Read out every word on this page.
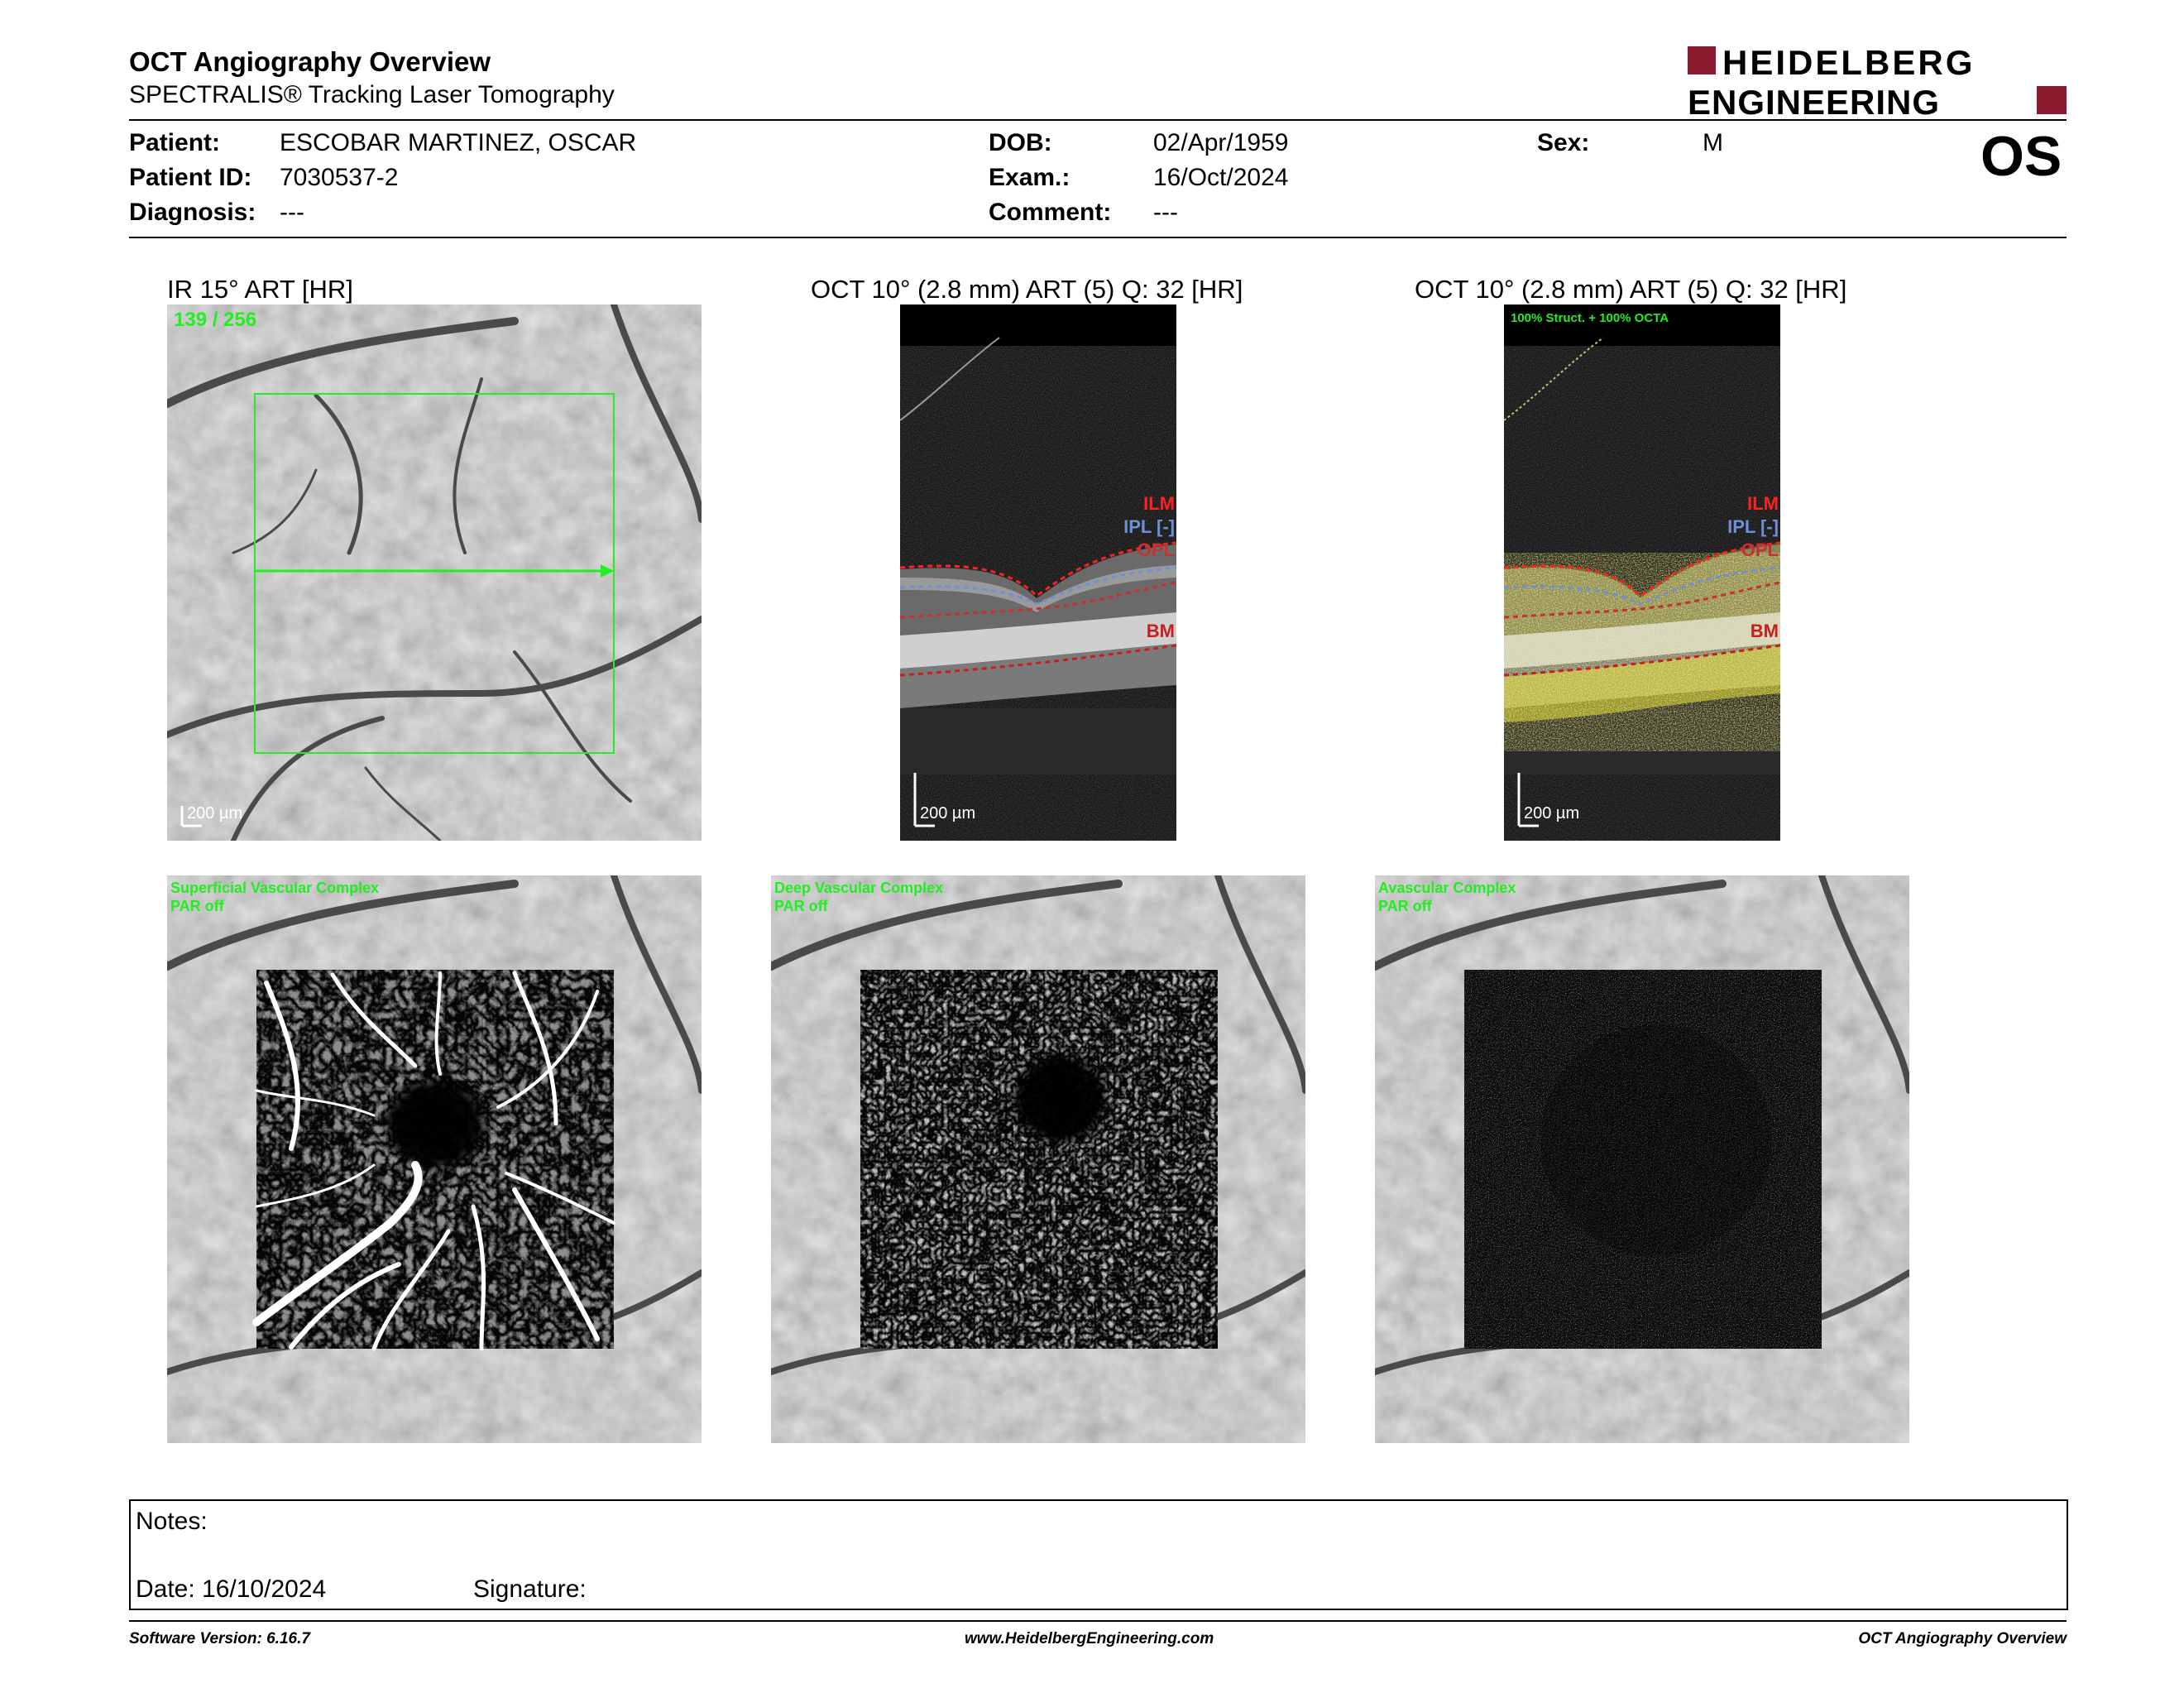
OCT Angiography Overview
SPECTRALIS® Tracking Laser Tomography
HEIDELBERG
ENGINEERING
Patient: ESCOBAR MARTINEZ, OSCAR
Patient ID: 7030537-2
Diagnosis: ---
DOB:	02/Apr/1959
Exam.:	16/Oct/2024
Comment: ---
Sex:	M	OS
IR 15° ART [HR]	OCT 10° (2.8 mm) ART (5) Q: 32 [HR]	OCT 10° (2.8 mm) ART (5) Q: 32 [HR]
139 / 256
200 µm
ILM
IPL [-]
OPL
BM
200 µm
100% Struct. + 100% OCTA
ILM
IPL [-]
OPL
BM
200 µm
Superficial Vascular Complex
PAR off
Deep Vascular Complex
PAR off
Avascular Complex
PAR off
Notes:
Date: 16/10/2024	Signature:
Software Version: 6.16.7	www.HeidelbergEngineering.com	OCT Angiography Overview
